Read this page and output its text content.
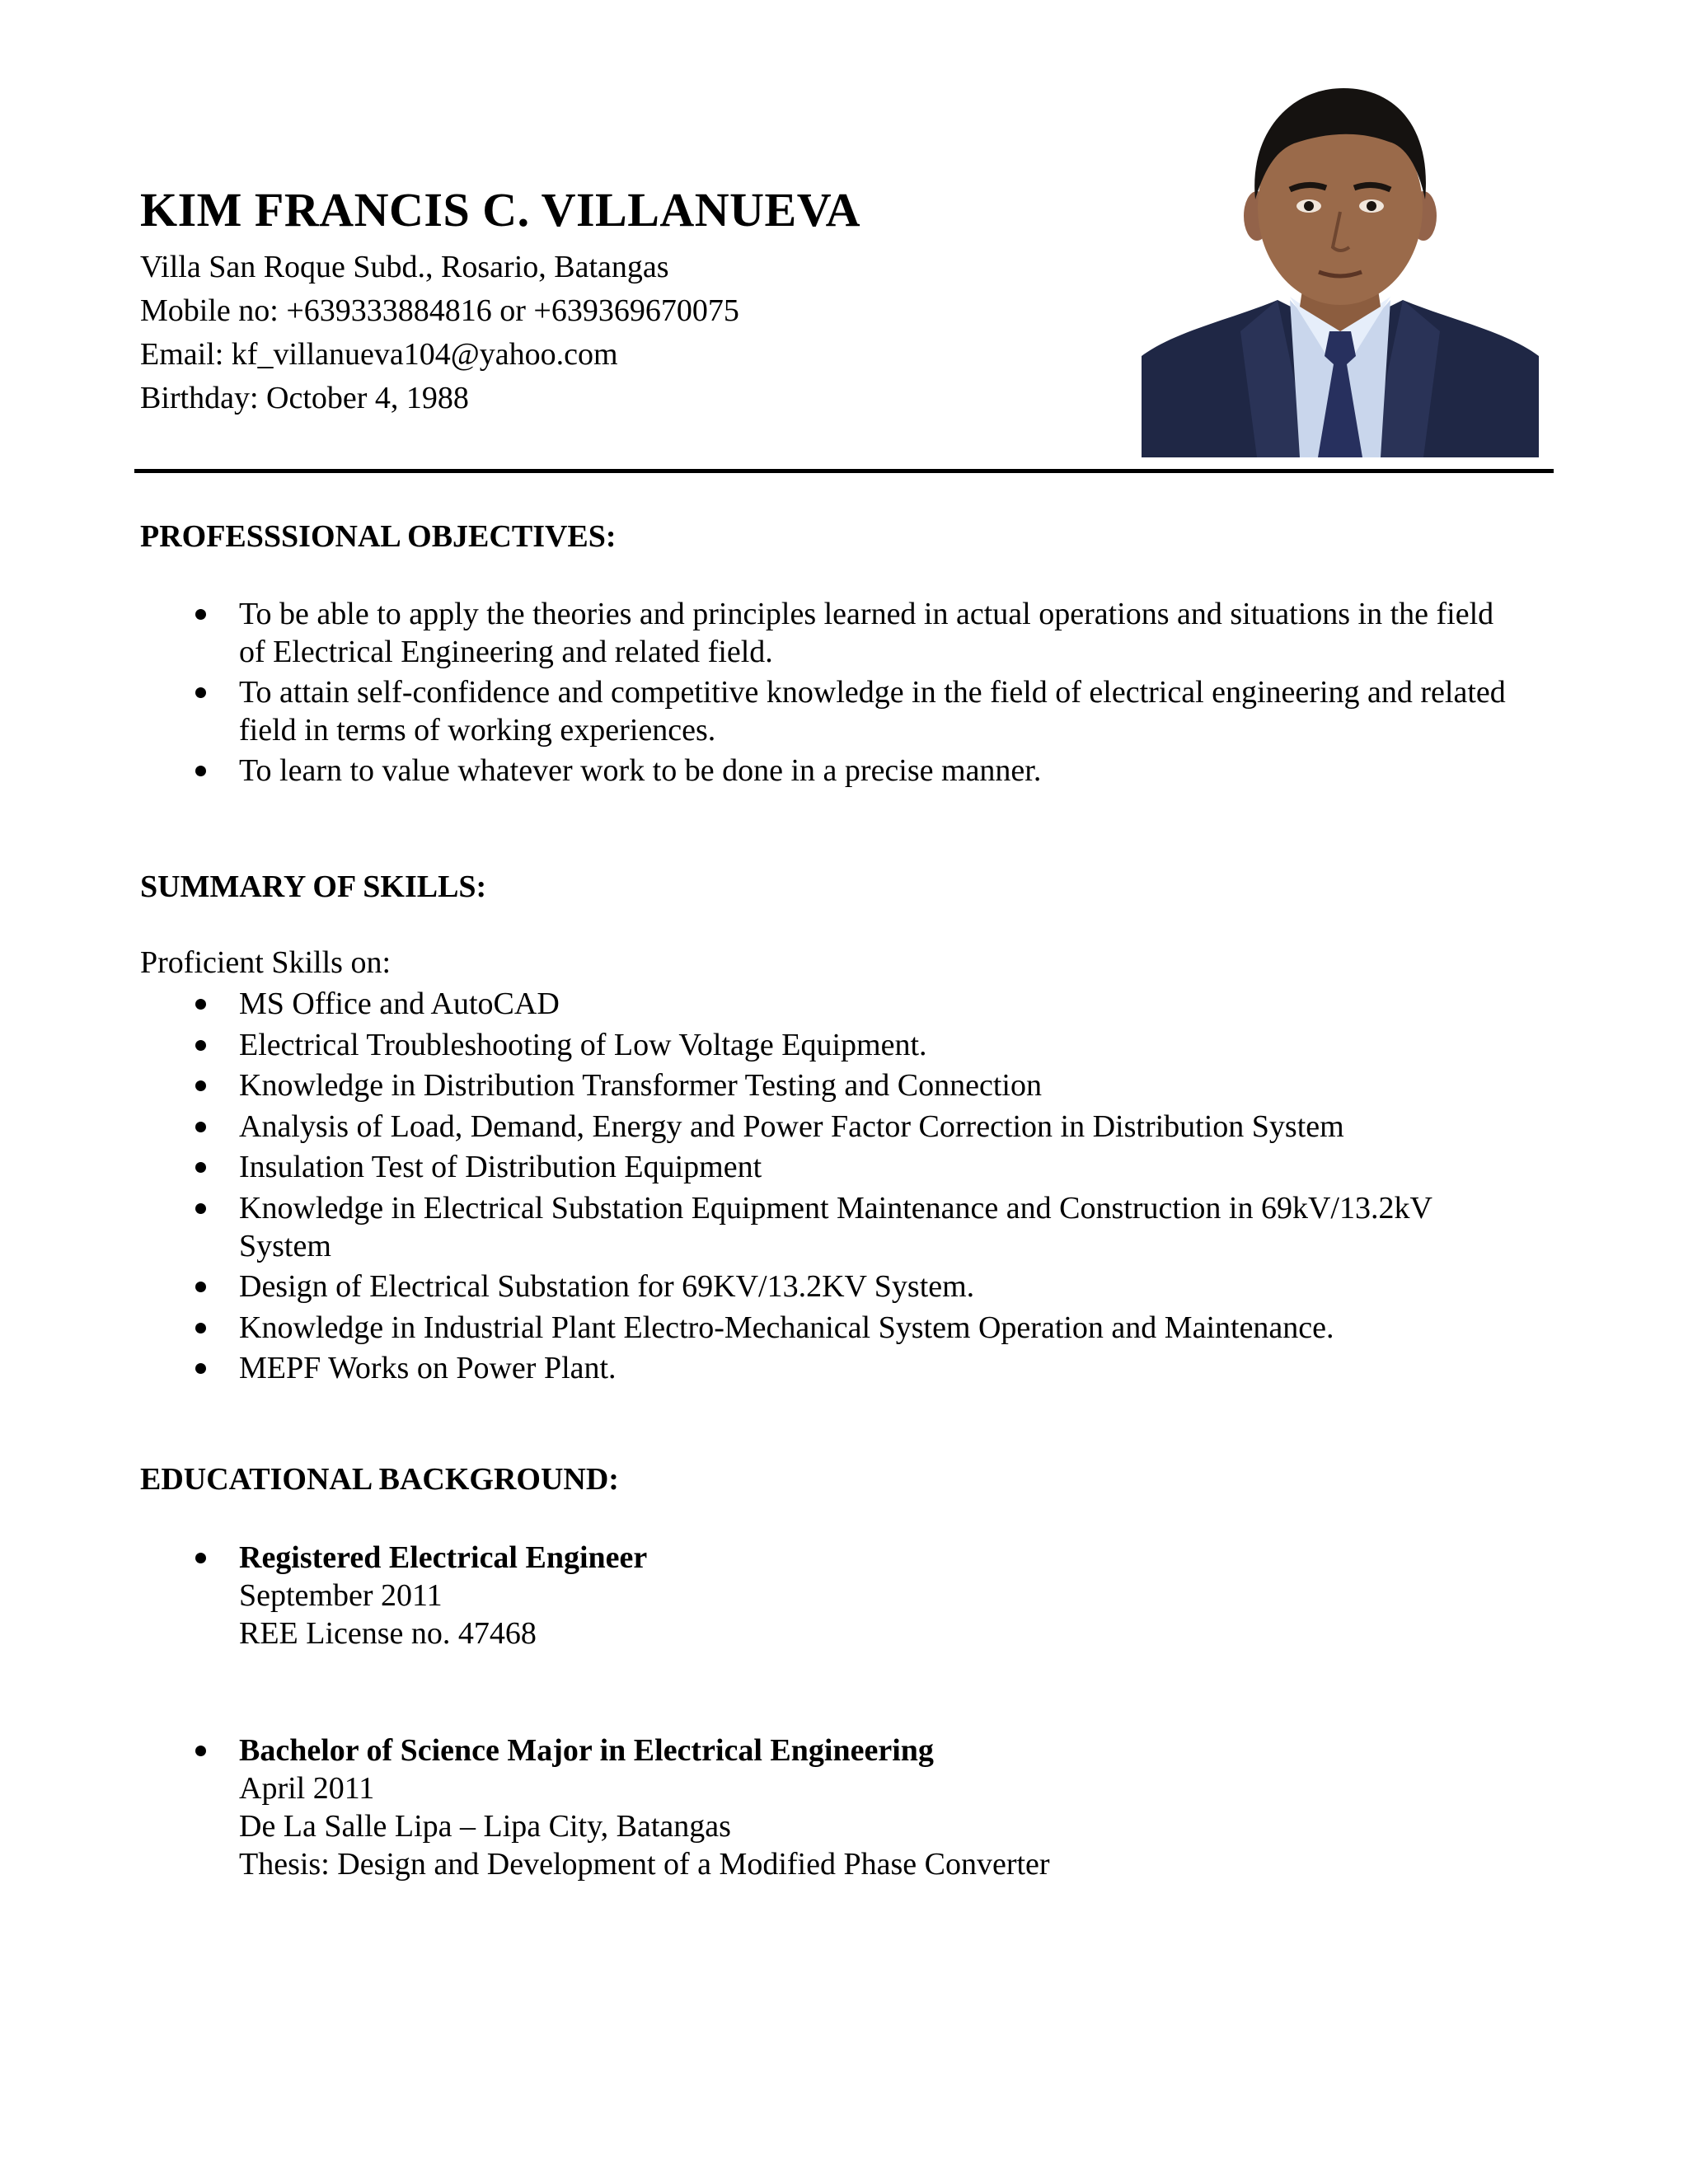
KIM FRANCIS C. VILLANUEVA
Villa San Roque Subd., Rosario, Batangas
Mobile no: +639333884816 or +639369670075
Email: kf_villanueva104@yahoo.com
Birthday: October 4, 1988
PROFESSSIONAL OBJECTIVES:
To be able to apply the theories and principles learned in actual operations and situations in the field of Electrical Engineering and related field.
To attain self-confidence and competitive knowledge in the field of electrical engineering and related field in terms of working experiences.
To learn to value whatever work to be done in a precise manner.
SUMMARY OF SKILLS:
Proficient Skills on:
MS Office and AutoCAD
Electrical Troubleshooting of Low Voltage Equipment.
Knowledge in Distribution Transformer Testing and Connection
Analysis of Load, Demand, Energy and Power Factor Correction in Distribution System
Insulation Test of Distribution Equipment
Knowledge in Electrical Substation Equipment Maintenance and Construction in 69kV/13.2kV System
Design of Electrical Substation for 69KV/13.2KV System.
Knowledge in Industrial Plant Electro-Mechanical System Operation and Maintenance.
MEPF Works on Power Plant.
EDUCATIONAL BACKGROUND:
Registered Electrical Engineer
September 2011
REE License no. 47468
Bachelor of Science Major in Electrical Engineering
April 2011
De La Salle Lipa – Lipa City, Batangas
Thesis: Design and Development of a Modified Phase Converter
